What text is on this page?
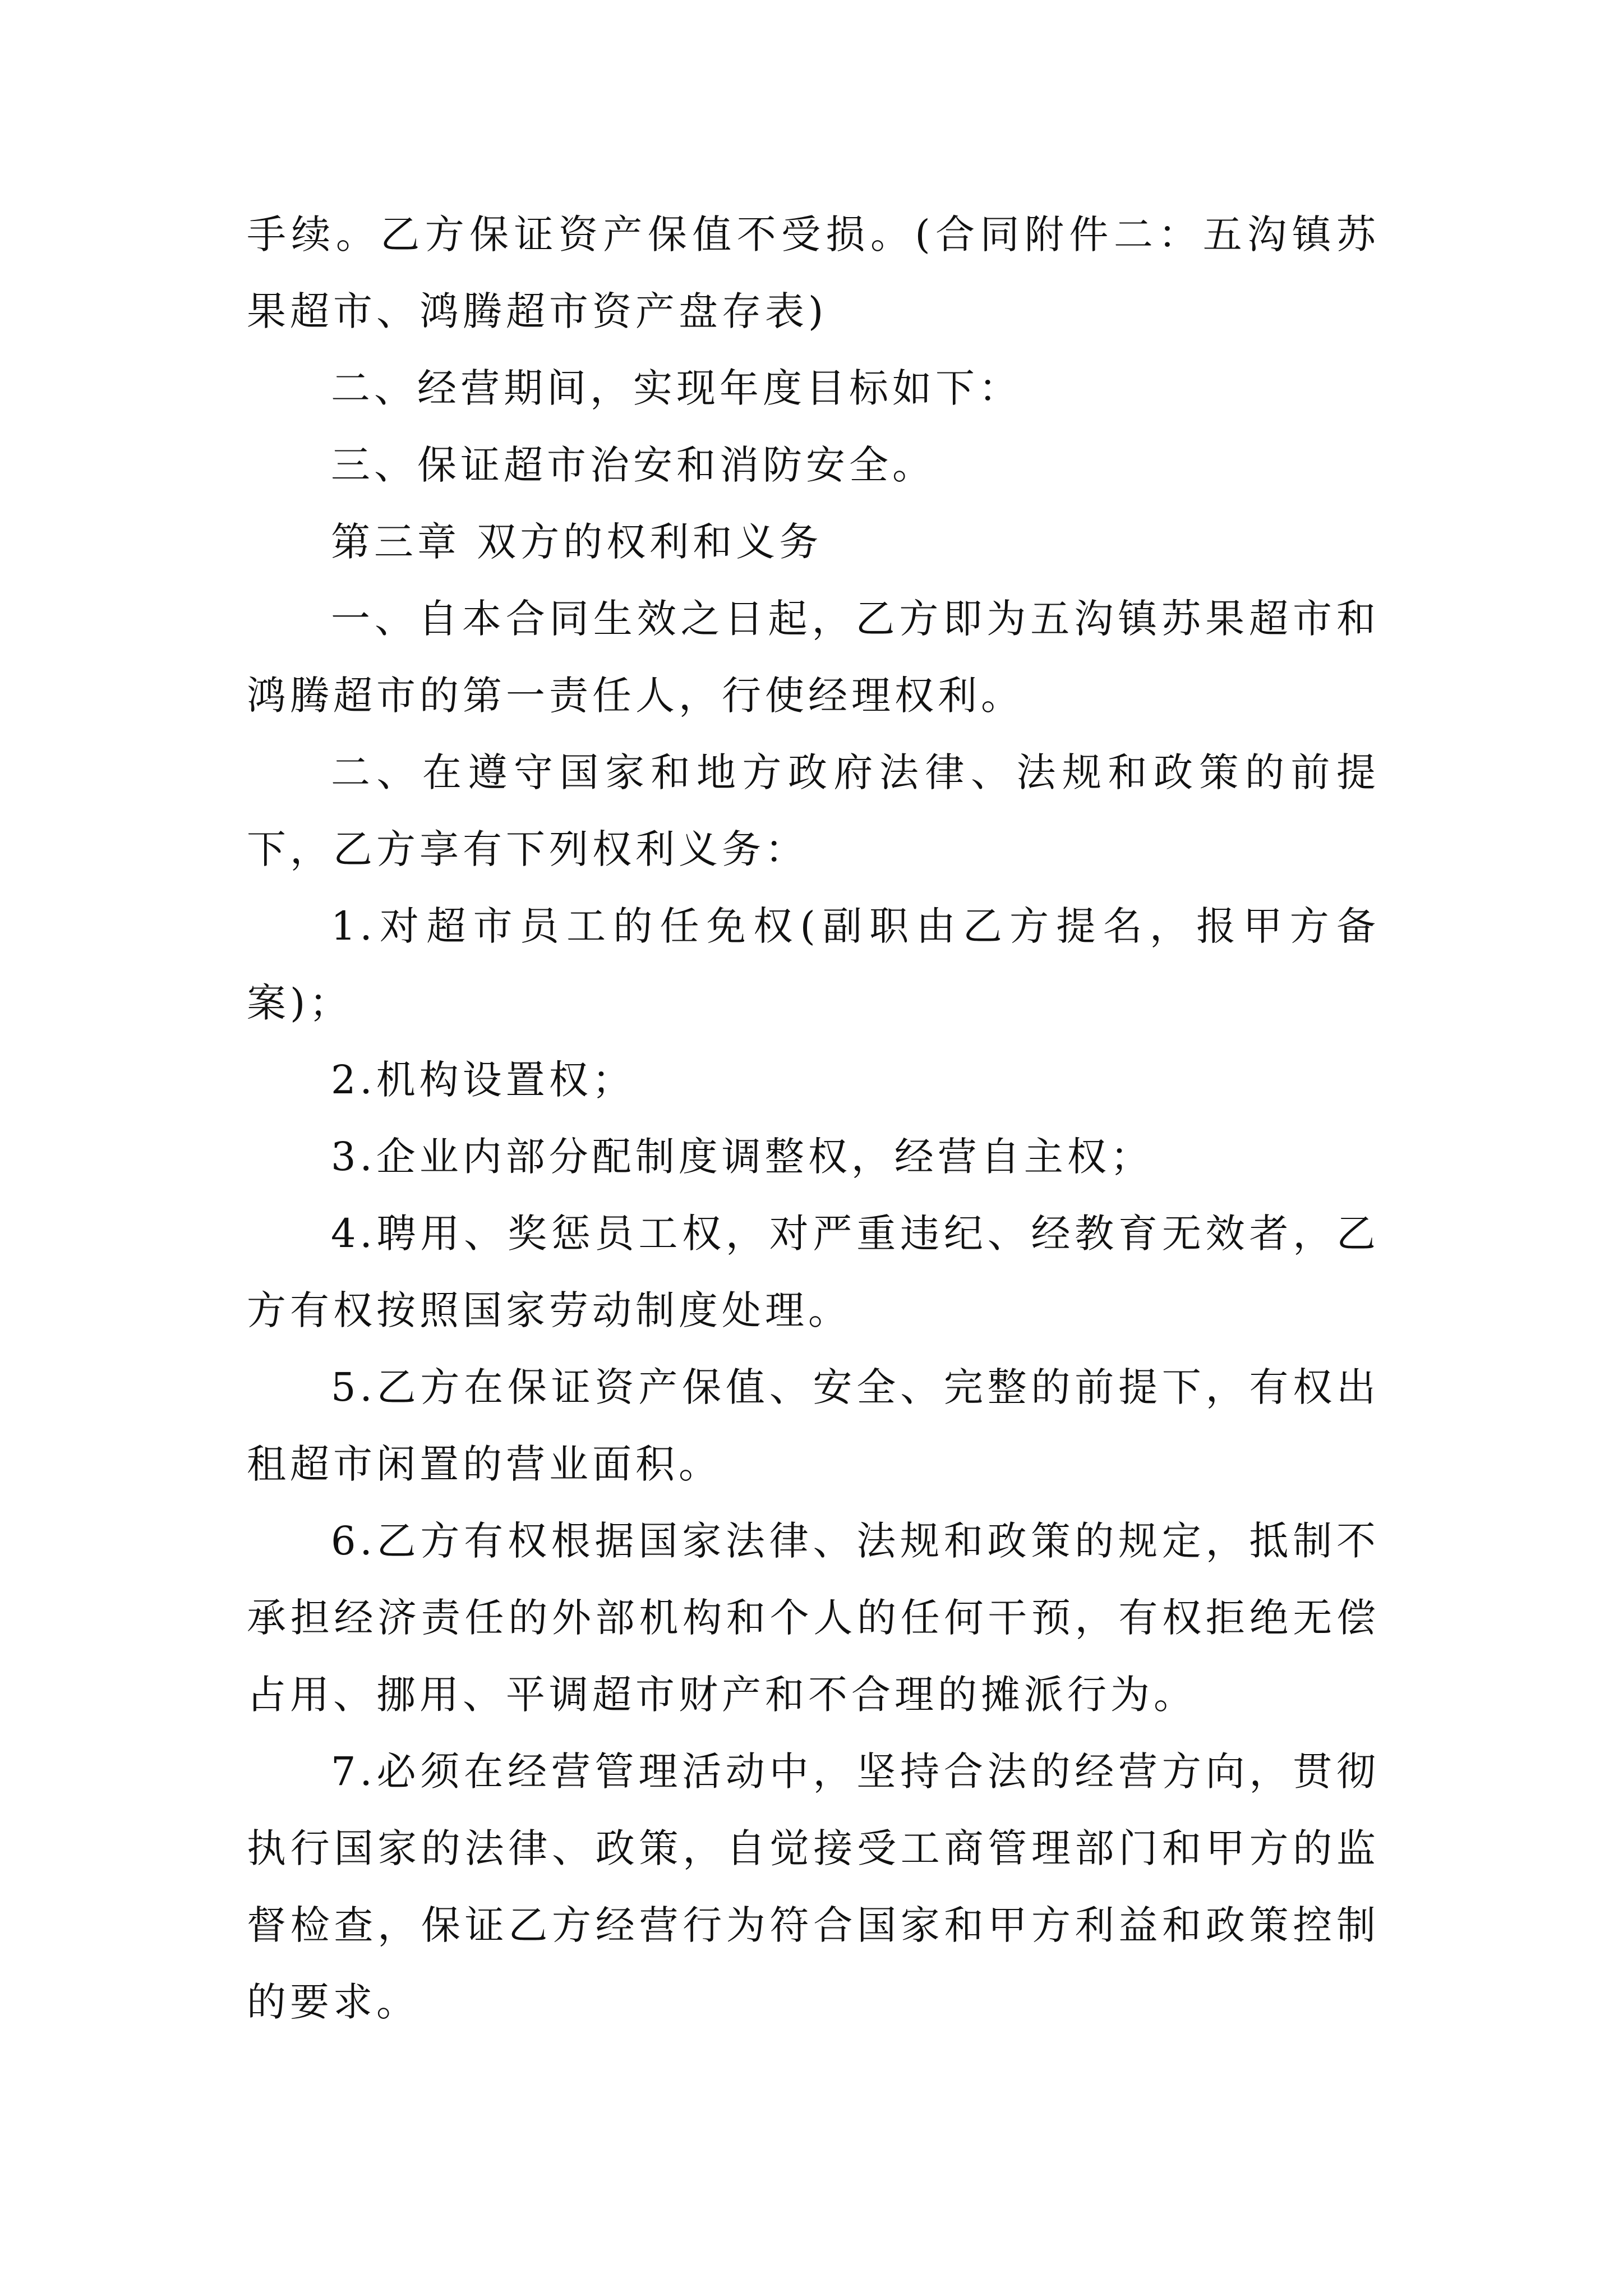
手续。乙方保证资产保值不受损。(合同附件二：五沟镇苏果超市、鸿腾超市资产盘存表)

二、经营期间，实现年度目标如下：

三、保证超市治安和消防安全。

第三章 双方的权利和义务

一、自本合同生效之日起，乙方即为五沟镇苏果超市和鸿腾超市的第一责任人，行使经理权利。

二、在遵守国家和地方政府法律、法规和政策的前提下，乙方享有下列权利义务：

1.对超市员工的任免权(副职由乙方提名，报甲方备案)；

2.机构设置权；

3.企业内部分配制度调整权，经营自主权；

4.聘用、奖惩员工权，对严重违纪、经教育无效者，乙方有权按照国家劳动制度处理。

5.乙方在保证资产保值、安全、完整的前提下，有权出租超市闲置的营业面积。

6.乙方有权根据国家法律、法规和政策的规定，抵制不承担经济责任的外部机构和个人的任何干预，有权拒绝无偿占用、挪用、平调超市财产和不合理的摊派行为。

7.必须在经营管理活动中，坚持合法的经营方向，贯彻执行国家的法律、政策，自觉接受工商管理部门和甲方的监督检查，保证乙方经营行为符合国家和甲方利益和政策控制的要求。
